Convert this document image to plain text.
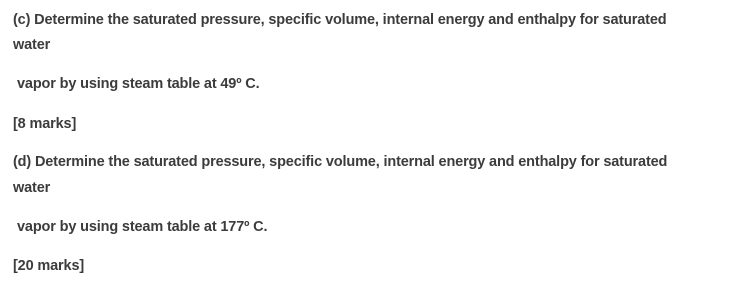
(c) Determine the saturated pressure, specific volume, internal energy and enthalpy for saturated
water
vapor by using steam table at 49º C.
[8 marks]
(d) Determine the saturated pressure, specific volume, internal energy and enthalpy for saturated
water
vapor by using steam table at 177º C.
[20 marks]
